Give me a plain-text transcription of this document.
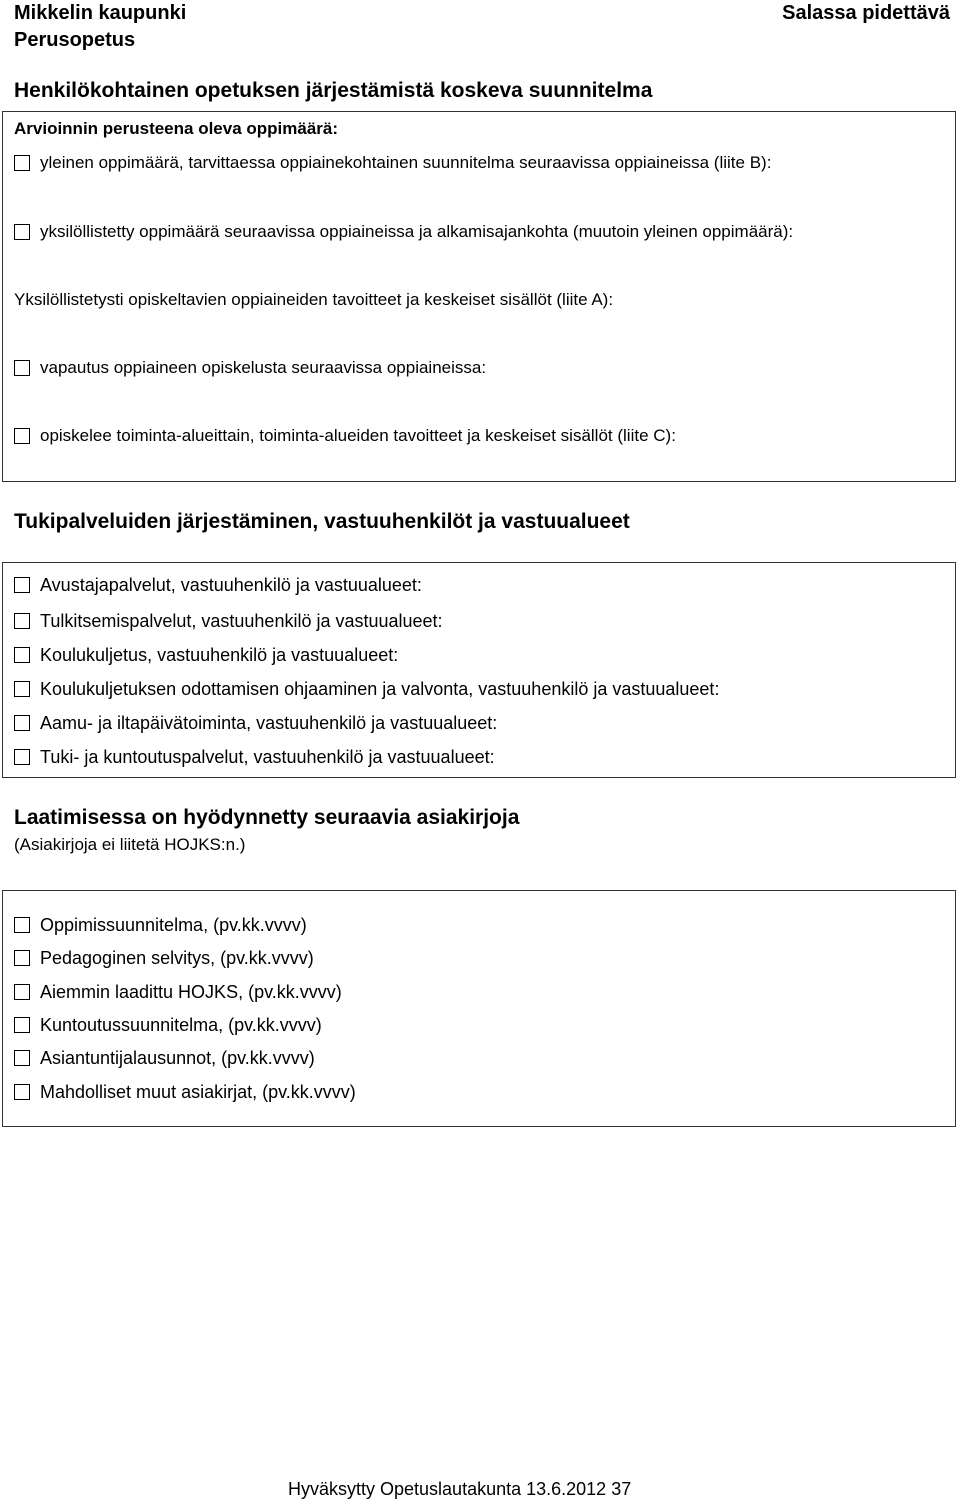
Mikkelin kaupunki
Perusopetus
Salassa pidettävä
Henkilökohtainen opetuksen järjestämistä koskeva suunnitelma
Arvioinnin perusteena oleva oppimäärä:
yleinen oppimäärä, tarvittaessa oppiainekohtainen suunnitelma seuraavissa oppiaineissa (liite B):
yksilöllistetty oppimäärä seuraavissa oppiaineissa ja alkamisajankohta (muutoin yleinen oppimäärä):
Yksilöllistetysti opiskeltavien oppiaineiden tavoitteet ja keskeiset sisällöt (liite A):
vapautus oppiaineen opiskelusta seuraavissa oppiaineissa:
opiskelee toiminta-alueittain, toiminta-alueiden tavoitteet ja keskeiset sisällöt (liite C):
Tukipalveluiden järjestäminen, vastuuhenkilöt ja vastuualueet
Avustajapalvelut, vastuuhenkilö ja vastuualueet:
Tulkitsemispalvelut, vastuuhenkilö ja vastuualueet:
Koulukuljetus, vastuuhenkilö ja vastuualueet:
Koulukuljetuksen odottamisen ohjaaminen ja valvonta, vastuuhenkilö ja vastuualueet:
Aamu- ja iltapäivätoiminta, vastuuhenkilö ja vastuualueet:
Tuki- ja kuntoutuspalvelut, vastuuhenkilö ja vastuualueet:
Laatimisessa on hyödynnetty seuraavia asiakirjoja
(Asiakirjoja ei liitetä HOJKS:n.)
Oppimissuunnitelma, (pv.kk.vvvv)
Pedagoginen selvitys, (pv.kk.vvvv)
Aiemmin laadittu HOJKS, (pv.kk.vvvv)
Kuntoutussuunnitelma, (pv.kk.vvvv)
Asiantuntijalausunnot, (pv.kk.vvvv)
Mahdolliset muut asiakirjat, (pv.kk.vvvv)
Hyväksytty Opetuslautakunta 13.6.2012 37
